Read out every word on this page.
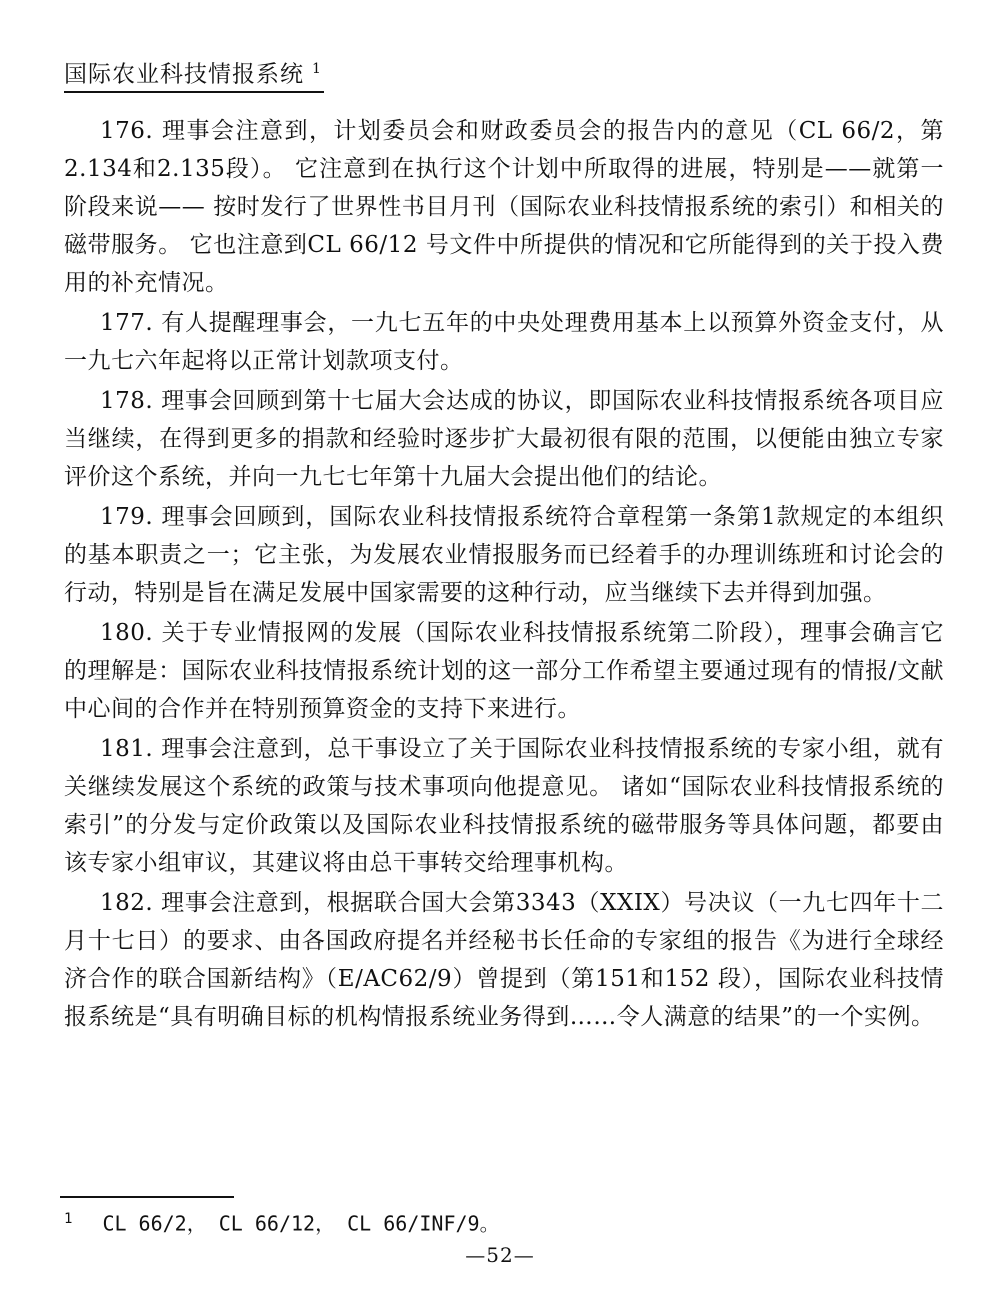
国际农业科技情报系统 $^1$

176. 理事会注意到，计划委员会和财政委员会的报告内的意见（CL 66/2，第2.134和2.135段）。 它注意到在执行这个计划中所取得的进展，特别是——就第一阶段来说—— 按时发行了世界性书目月刊（国际农业科技情报系统的索引）和相关的磁带服务。 它也注意到CL 66/12 号文件中所提供的情况和它所能得到的关于投入费用的补充情况。

177. 有人提醒理事会，一九七五年的中央处理费用基本上以预算外资金支付，从一九七六年起将以正常计划款项支付。

178. 理事会回顾到第十七届大会达成的协议，即国际农业科技情报系统各项目应当继续，在得到更多的捐款和经验时逐步扩大最初很有限的范围，以便能由独立专家评价这个系统，并向一九七七年第十九届大会提出他们的结论。

179. 理事会回顾到，国际农业科技情报系统符合章程第一条第1款规定的本组织的基本职责之一；它主张，为发展农业情报服务而已经着手的办理训练班和讨论会的行动，特别是旨在满足发展中国家需要的这种行动，应当继续下去并得到加强。

180. 关于专业情报网的发展（国际农业科技情报系统第二阶段），理事会确言它的理解是：国际农业科技情报系统计划的这一部分工作希望主要通过现有的情报/文献中心间的合作并在特别预算资金的支持下来进行。

181. 理事会注意到，总干事设立了关于国际农业科技情报系统的专家小组，就有关继续发展这个系统的政策与技术事项向他提意见。 诸如“国际农业科技情报系统的索引”的分发与定价政策以及国际农业科技情报系统的磁带服务等具体问题，都要由该专家小组审议，其建议将由总干事转交给理事机构。

182. 理事会注意到，根据联合国大会第3343（XXIX）号决议（一九七四年十二月十七日）的要求、由各国政府提名并经秘书长任命的专家组的报告《为进行全球经济合作的联合国新结构》（E/AC62/9）曾提到（第151和152 段），国际农业科技情报系统是“具有明确目标的机构情报系统业务得到……令人满意的结果”的一个实例。

$^1$ CL 66/2， CL 66/12， CL 66/INF/9。
—52—
